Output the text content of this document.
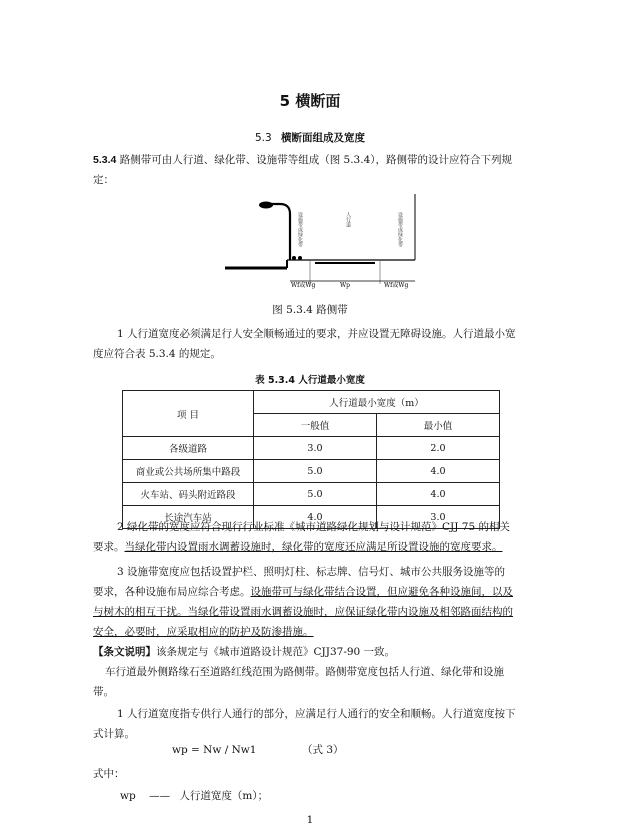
5 横断面
5.3 横断面组成及宽度
5.3.4 路侧带可由人行道、绿化带、设施带等组成（图 5.3.4），路侧带的设计应符合下列规
定：
设施带或绿化带	人行道	设施带或绿化带
Wf或Wg	Wp	Wf或Wg
图 5.3.4 路侧带
1 人行道宽度必须满足行人安全顺畅通过的要求，并应设置无障碍设施。人行道最小宽
度应符合表 5.3.4 的规定。
表 5.3.4 人行道最小宽度
项 目	人行道最小宽度（m）	
	一般值	最小值
各级道路	3.0	2.0
商业或公共场所集中路段	5.0	4.0
火车站、码头附近路段	5.0	4.0
长途汽车站	4.0	3.0
2 绿化带的宽度应符合现行行业标准《城市道路绿化规划与设计规范》CJJ 75 的相关
要求。当绿化带内设置雨水调蓄设施时，绿化带的宽度还应满足所设置设施的宽度要求。
3 设施带宽度应包括设置护栏、照明灯柱、标志牌、信号灯、城市公共服务设施等的
要求，各种设施布局应综合考虑。设施带可与绿化带结合设置，但应避免各种设施间，以及
与树木的相互干扰。当绿化带设置雨水调蓄设施时，应保证绿化带内设施及相邻路面结构的
安全，必要时，应采取相应的防护及防渗措施。
【条文说明】该条规定与《城市道路设计规范》CJJ37-90 一致。
车行道最外侧路缘石至道路红线范围为路侧带。路侧带宽度包括人行道、绿化带和设施
带。
1 人行道宽度指专供行人通行的部分，应满足行人通行的安全和顺畅。人行道宽度按下
式计算。
wp = Nw / Nw1	（式 3）
式中：
wp —— 人行道宽度（m）；
1
